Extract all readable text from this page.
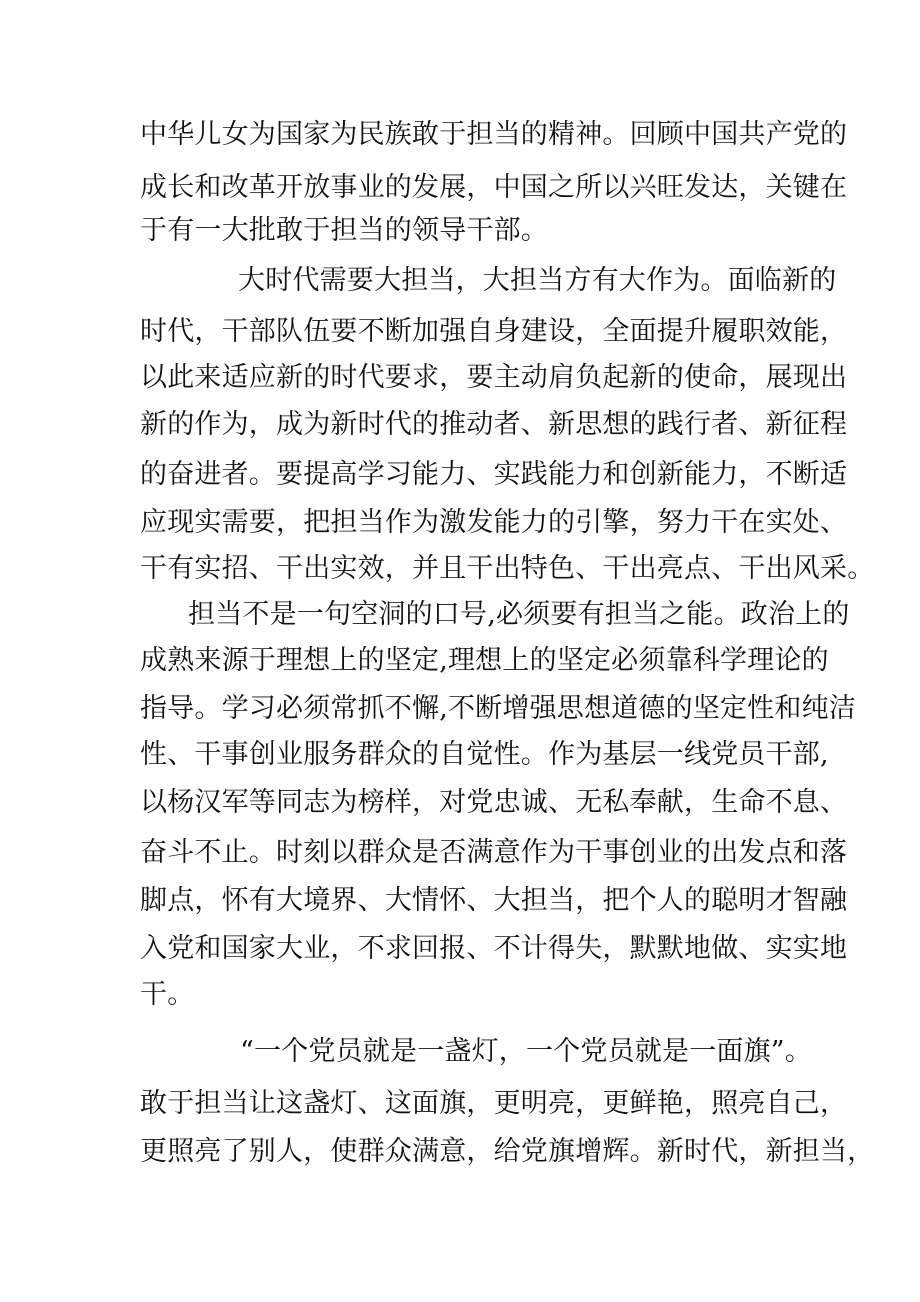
中华儿女为国家为民族敢于担当的精神。回顾中国共产党的

成长和改革开放事业的发展，中国之所以兴旺发达，关键在

于有一大批敢于担当的领导干部。

大时代需要大担当，大担当方有大作为。面临新的

时代，干部队伍要不断加强自身建设，全面提升履职效能，

以此来适应新的时代要求，要主动肩负起新的使命，展现出

新的作为，成为新时代的推动者、新思想的践行者、新征程

的奋进者。要提高学习能力、实践能力和创新能力，不断适

应现实需要，把担当作为激发能力的引擎，努力干在实处、

干有实招、干出实效，并且干出特色、干出亮点、干出风采。

担当不是一句空洞的口号,必须要有担当之能。政治上的

成熟来源于理想上的坚定,理想上的坚定必须靠科学理论的

指导。学习必须常抓不懈,不断增强思想道德的坚定性和纯洁

性、干事创业服务群众的自觉性。作为基层一线党员干部,

以杨汉军等同志为榜样，对党忠诚、无私奉献，生命不息、

奋斗不止。时刻以群众是否满意作为干事创业的出发点和落

脚点，怀有大境界、大情怀、大担当，把个人的聪明才智融

入党和国家大业，不求回报、不计得失，默默地做、实实地

干。

“一个党员就是一盏灯，一个党员就是一面旗”。

敢于担当让这盏灯、这面旗，更明亮，更鲜艳，照亮自己，

更照亮了别人，使群众满意，给党旗增辉。新时代，新担当，
